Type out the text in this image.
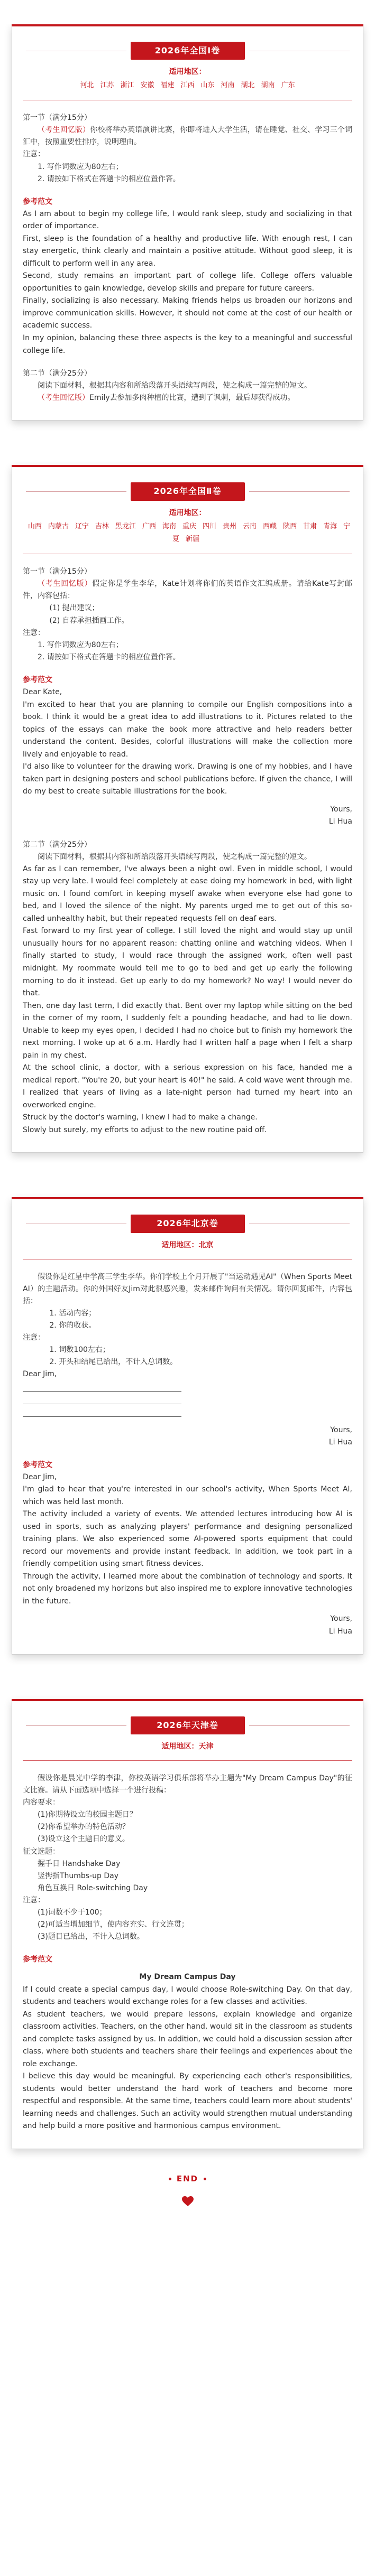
2026年全国Ⅰ卷
适用地区：
河北 江苏 浙江 安徽 福建 江西 山东 河南 湖北 湖南 广东

第一节（满分15分）

（考生回忆版）你校将举办英语演讲比赛，你即将进入大学生活，请在睡觉、社交、学习三个词汇中，按照重要性排序，说明理由。

注意：

1. 写作词数应为80左右；

2. 请按如下格式在答题卡的相应位置作答。

参考范文

As I am about to begin my college life, I would rank sleep, study and socializing in that order of importance.

First, sleep is the foundation of a healthy and productive life. With enough rest, I can stay energetic, think clearly and maintain a positive attitude. Without good sleep, it is difficult to perform well in any area.

Second, study remains an important part of college life. College offers valuable opportunities to gain knowledge, develop skills and prepare for future careers.

Finally, socializing is also necessary. Making friends helps us broaden our horizons and improve communication skills. However, it should not come at the cost of our health or academic success.

In my opinion, balancing these three aspects is the key to a meaningful and successful college life.

第二节（满分25分）

阅读下面材料，根据其内容和所给段落开头语续写两段，使之构成一篇完整的短文。

（考生回忆版）Emily去参加多肉种植的比赛，遭到了讽刺，最后却获得成功。

2026年全国Ⅱ卷
适用地区：
山西 内蒙古 辽宁 吉林 黑龙江 广西 海南 重庆 四川 贵州 云南 西藏 陕西 甘肃 青海 宁夏 新疆

第一节（满分15分）

（考生回忆版）假定你是学生李华，Kate计划将你们的英语作文汇编成册。请给Kate写封邮件，内容包括：

(1) 提出建议；

(2) 自荐承担插画工作。

注意：

1. 写作词数应为80左右；

2. 请按如下格式在答题卡的相应位置作答。

参考范文

Dear Kate,

I'm excited to hear that you are planning to compile our English compositions into a book. I think it would be a great idea to add illustrations to it. Pictures related to the topics of the essays can make the book more attractive and help readers better understand the content. Besides, colorful illustrations will make the collection more lively and enjoyable to read.

I'd also like to volunteer for the drawing work. Drawing is one of my hobbies, and I have taken part in designing posters and school publications before. If given the chance, I will do my best to create suitable illustrations for the book.

Yours,

Li Hua

第二节（满分25分）

阅读下面材料，根据其内容和所给段落开头语续写两段，使之构成一篇完整的短文。

As far as I can remember, I've always been a night owl. Even in middle school, I would stay up very late. I would feel completely at ease doing my homework in bed, with light music on. I found comfort in keeping myself awake when everyone else had gone to bed, and I loved the silence of the night. My parents urged me to get out of this so-called unhealthy habit, but their repeated requests fell on deaf ears.

Fast forward to my first year of college. I still loved the night and would stay up until unusually hours for no apparent reason: chatting online and watching videos. When I finally started to study, I would race through the assigned work, often well past midnight. My roommate would tell me to go to bed and get up early the following morning to do it instead. Get up early to do my homework? No way! I would never do that.

Then, one day last term, I did exactly that. Bent over my laptop while sitting on the bed in the corner of my room, I suddenly felt a pounding headache, and had to lie down. Unable to keep my eyes open, I decided I had no choice but to finish my homework the next morning. I woke up at 6 a.m. Hardly had I written half a page when I felt a sharp pain in my chest.

At the school clinic, a doctor, with a serious expression on his face, handed me a medical report. "You're 20, but your heart is 40!" he said. A cold wave went through me. I realized that years of living as a late-night person had turned my heart into an overworked engine.

Struck by the doctor's warning, I knew I had to make a change.

Slowly but surely, my efforts to adjust to the new routine paid off.

2026年北京卷
适用地区：北京

假设你是红星中学高三学生李华。你们学校上个月开展了"当运动遇见AI"（When Sports Meet AI）的主题活动。你的外国好友Jim对此很感兴趣，发来邮件询问有关情况。请你回复邮件，内容包括：

1. 活动内容；

2. 你的收获。

注意：

1. 词数100左右；

2. 开头和结尾已给出，不计入总词数。

Dear Jim,

Yours,

Li Hua

参考范文

Dear Jim,

I'm glad to hear that you're interested in our school's activity, When Sports Meet AI, which was held last month.

The activity included a variety of events. We attended lectures introducing how AI is used in sports, such as analyzing players' performance and designing personalized training plans. We also experienced some AI-powered sports equipment that could record our movements and provide instant feedback. In addition, we took part in a friendly competition using smart fitness devices.

Through the activity, I learned more about the combination of technology and sports. It not only broadened my horizons but also inspired me to explore innovative technologies in the future.

Yours,

Li Hua

2026年天津卷
适用地区：天津

假设你是晨光中学的李津，你校英语学习俱乐部将举办主题为"My Dream Campus Day"的征文比赛。请从下面选项中选择一个进行投稿：

内容要求：

(1)你期待设立的校园主题日？

(2)你希望举办的特色活动？

(3)设立这个主题日的意义。

征文选题：

握手日 Handshake Day

竖拇指Thumbs-up Day

角色互换日 Role-switching Day

注意：

(1)词数不少于100；

(2)可适当增加细节，使内容充实、行文连贯；

(3)题目已给出，不计入总词数。

参考范文

My Dream Campus Day

If I could create a special campus day, I would choose Role-switching Day. On that day, students and teachers would exchange roles for a few classes and activities.

As student teachers, we would prepare lessons, explain knowledge and organize classroom activities. Teachers, on the other hand, would sit in the classroom as students and complete tasks assigned by us. In addition, we could hold a discussion session after class, where both students and teachers share their feelings and experiences about the role exchange.

I believe this day would be meaningful. By experiencing each other's responsibilities, students would better understand the hard work of teachers and become more respectful and responsible. At the same time, teachers could learn more about students' learning needs and challenges. Such an activity would strengthen mutual understanding and help build a more positive and harmonious campus environment.

END
